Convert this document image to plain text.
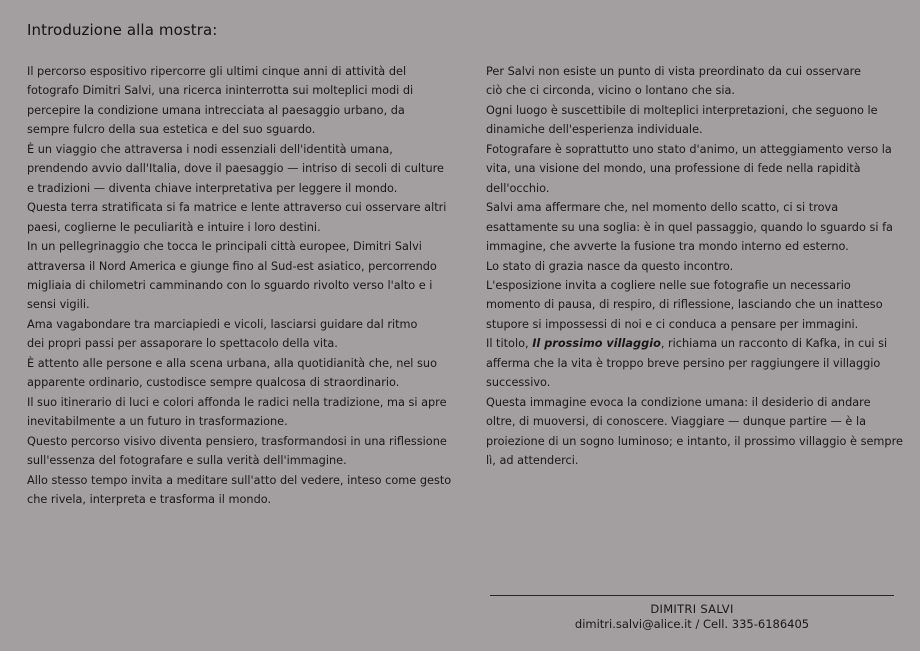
Introduzione alla mostra:

Il percorso espositivo ripercorre gli ultimi cinque anni di attività del

fotografo Dimitri Salvi, una ricerca ininterrotta sui molteplici modi di

percepire la condizione umana intrecciata al paesaggio urbano, da

sempre fulcro della sua estetica e del suo sguardo.

È un viaggio che attraversa i nodi essenziali dell'identità umana,

prendendo avvio dall'Italia, dove il paesaggio — intriso di secoli di culture

e tradizioni — diventa chiave interpretativa per leggere il mondo.

Questa terra stratificata si fa matrice e lente attraverso cui osservare altri

paesi, coglierne le peculiarità e intuire i loro destini.

In un pellegrinaggio che tocca le principali città europee, Dimitri Salvi

attraversa il Nord America e giunge fino al Sud-est asiatico, percorrendo

migliaia di chilometri camminando con lo sguardo rivolto verso l'alto e i

sensi vigili.

Ama vagabondare tra marciapiedi e vicoli, lasciarsi guidare dal ritmo

dei propri passi per assaporare lo spettacolo della vita.

È attento alle persone e alla scena urbana, alla quotidianità che, nel suo

apparente ordinario, custodisce sempre qualcosa di straordinario.

Il suo itinerario di luci e colori affonda le radici nella tradizione, ma si apre

inevitabilmente a un futuro in trasformazione.

Questo percorso visivo diventa pensiero, trasformandosi in una riflessione

sull'essenza del fotografare e sulla verità dell'immagine.

Allo stesso tempo invita a meditare sull'atto del vedere, inteso come gesto

che rivela, interpreta e trasforma il mondo.

Per Salvi non esiste un punto di vista preordinato da cui osservare

ciò che ci circonda, vicino o lontano che sia.

Ogni luogo è suscettibile di molteplici interpretazioni, che seguono le

dinamiche dell'esperienza individuale.

Fotografare è soprattutto uno stato d'animo, un atteggiamento verso la

vita, una visione del mondo, una professione di fede nella rapidità

dell'occhio.

Salvi ama affermare che, nel momento dello scatto, ci si trova

esattamente su una soglia: è in quel passaggio, quando lo sguardo si fa

immagine, che avverte la fusione tra mondo interno ed esterno.

Lo stato di grazia nasce da questo incontro.

L'esposizione invita a cogliere nelle sue fotografie un necessario

momento di pausa, di respiro, di riflessione, lasciando che un inatteso

stupore si impossessi di noi e ci conduca a pensare per immagini.

Il titolo, Il prossimo villaggio, richiama un racconto di Kafka, in cui si

afferma che la vita è troppo breve persino per raggiungere il villaggio

successivo.

Questa immagine evoca la condizione umana: il desiderio di andare

oltre, di muoversi, di conoscere. Viaggiare — dunque partire — è la

proiezione di un sogno luminoso; e intanto, il prossimo villaggio è sempre

lì, ad attenderci.

DIMITRI SALVI

dimitri.salvi@alice.it / Cell. 335-6186405
